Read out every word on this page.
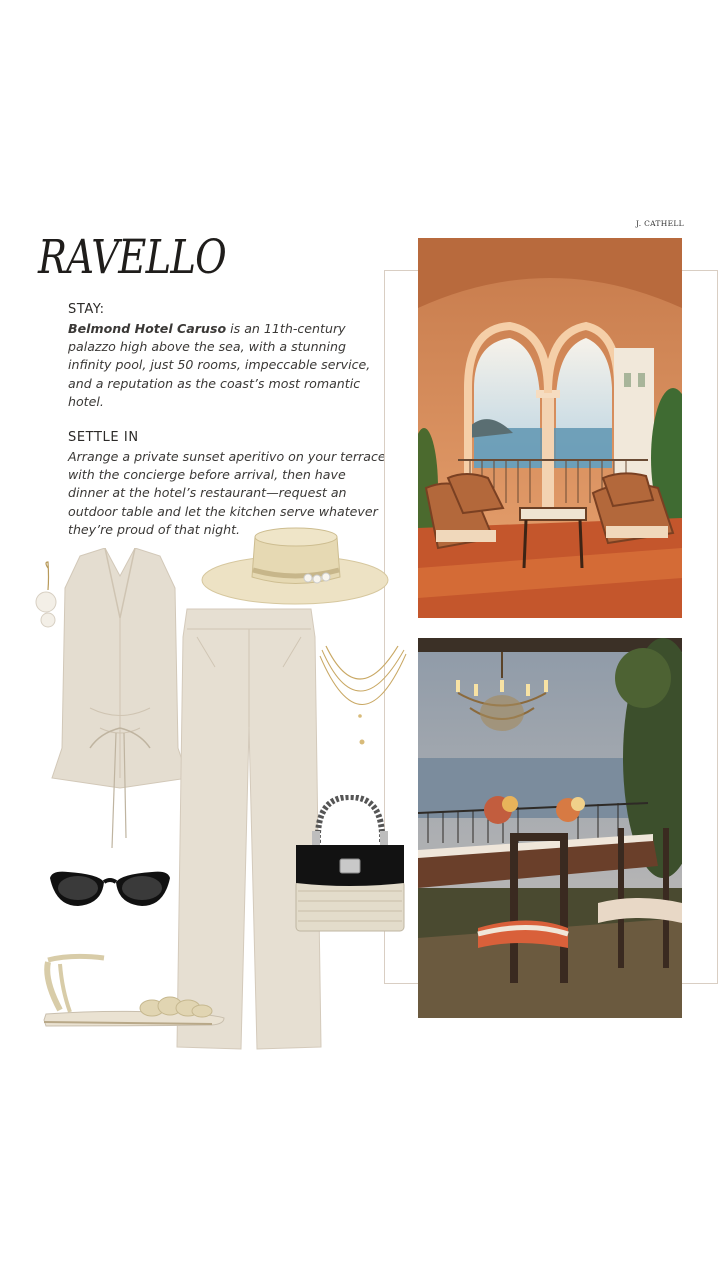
J. CATHELL
RAVELLO
STAY:
Belmond Hotel Caruso is an 11th-century
palazzo high above the sea, with a stunning
infinity pool, just 50 rooms, impeccable service,
and a reputation as the coast’s most romantic
hotel.
SETTLE IN
Arrange a private sunset aperitivo on your terrace
with the concierge before arrival, then have
dinner at the hotel’s restaurant—request an
outdoor table and let the kitchen serve whatever
they’re proud of that night.
